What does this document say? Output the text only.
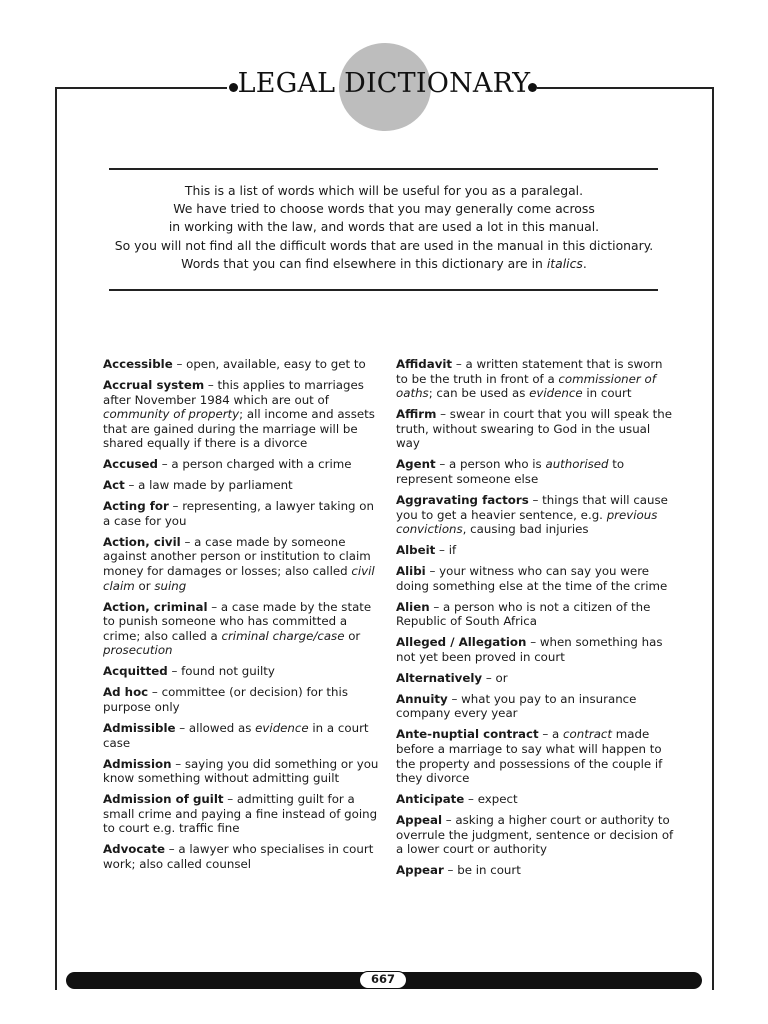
LEGAL DICTIONARY
This is a list of words which will be useful for you as a paralegal.
We have tried to choose words that you may generally come across
in working with the law, and words that are used a lot in this manual.
So you will not find all the difficult words that are used in the manual in this dictionary.
Words that you can find elsewhere in this dictionary are in italics.
Accessible – open, available, easy to get to
Accrual system – this applies to marriages after November 1984 which are out of community of property; all income and assets that are gained during the marriage will be shared equally if there is a divorce
Accused – a person charged with a crime
Act – a law made by parliament
Acting for – representing, a lawyer taking on a case for you
Action, civil – a case made by someone against another person or institution to claim money for damages or losses; also called civil claim or suing
Action, criminal – a case made by the state to punish someone who has committed a crime; also called a criminal charge/case or prosecution
Acquitted – found not guilty
Ad hoc – committee (or decision) for this purpose only
Admissible – allowed as evidence in a court case
Admission – saying you did something or you know something without admitting guilt
Admission of guilt – admitting guilt for a small crime and paying a fine instead of going to court e.g. traffic fine
Advocate – a lawyer who specialises in court work; also called counsel
Affidavit – a written statement that is sworn to be the truth in front of a commissioner of oaths; can be used as evidence in court
Affirm – swear in court that you will speak the truth, without swearing to God in the usual way
Agent – a person who is authorised to represent someone else
Aggravating factors – things that will cause you to get a heavier sentence, e.g. previous convictions, causing bad injuries
Albeit – if
Alibi – your witness who can say you were doing something else at the time of the crime
Alien – a person who is not a citizen of the Republic of South Africa
Alleged / Allegation – when something has not yet been proved in court
Alternatively – or
Annuity – what you pay to an insurance company every year
Ante-nuptial contract – a contract made before a marriage to say what will happen to the property and possessions of the couple if they divorce
Anticipate – expect
Appeal – asking a higher court or authority to overrule the judgment, sentence or decision of a lower court or authority
Appear – be in court
667
